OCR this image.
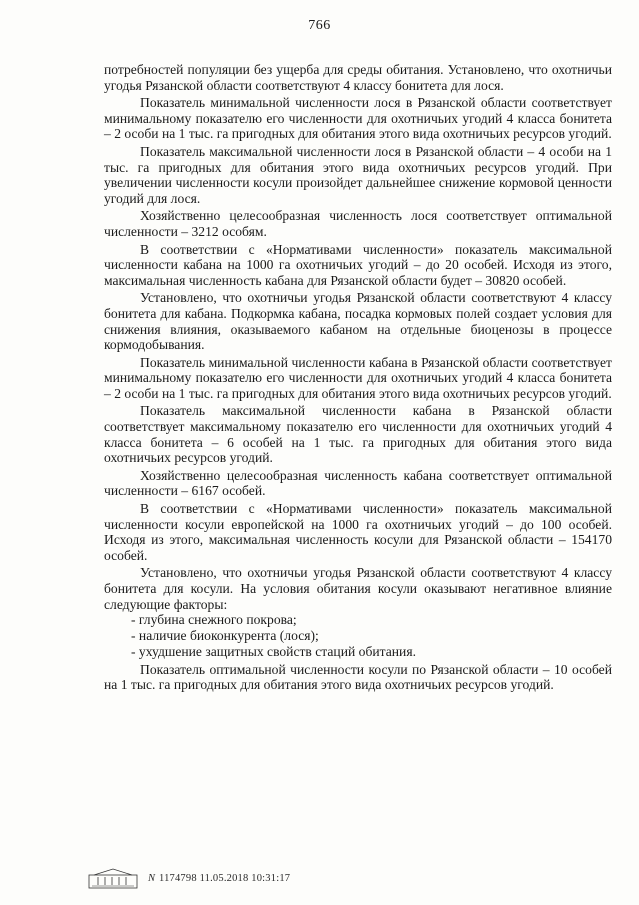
766

потребностей популяции без ущерба для среды обитания. Установлено, что охотничьи угодья Рязанской области соответствуют 4 классу бонитета для лося.

Показатель минимальной численности лося в Рязанской области соответствует минимальному показателю его численности для охотничьих угодий 4 класса бонитета – 2 особи на 1 тыс. га пригодных для обитания этого вида охотничьих ресурсов угодий.

Показатель максимальной численности лося в Рязанской области – 4 особи на 1 тыс. га пригодных для обитания этого вида охотничьих ресурсов угодий. При увеличении численности косули произойдет дальнейшее снижение кормовой ценности угодий для лося.

Хозяйственно целесообразная численность лося соответствует оптимальной численности – 3212 особям.

В соответствии с «Нормативами численности» показатель максимальной численности кабана на 1000 га охотничьих угодий – до 20 особей. Исходя из этого, максимальная численность кабана для Рязанской области будет – 30820 особей.

Установлено, что охотничьи угодья Рязанской области соответствуют 4 классу бонитета для кабана. Подкормка кабана, посадка кормовых полей создает условия для снижения влияния, оказываемого кабаном на отдельные биоценозы в процессе кормодобывания.

Показатель минимальной численности кабана в Рязанской области соответствует минимальному показателю его численности для охотничьих угодий 4 класса бонитета – 2 особи на 1 тыс. га пригодных для обитания этого вида охотничьих ресурсов угодий.

Показатель максимальной численности кабана в Рязанской области соответствует максимальному показателю его численности для охотничьих угодий 4 класса бонитета – 6 особей на 1 тыс. га пригодных для обитания этого вида охотничьих ресурсов угодий.

Хозяйственно целесообразная численность кабана соответствует оптимальной численности – 6167 особей.

В соответствии с «Нормативами численности» показатель максимальной численности косули европейской на 1000 га охотничьих угодий – до 100 особей. Исходя из этого, максимальная численность косули для Рязанской области – 154170 особей.

Установлено, что охотничьи угодья Рязанской области соответствуют 4 классу бонитета для косули. На условия обитания косули оказывают негативное влияние следующие факторы:

- глубина снежного покрова;
- наличие биоконкурента (лося);
- ухудшение защитных свойств стаций обитания.

Показатель оптимальной численности косули по Рязанской области – 10 особей на 1 тыс. га пригодных для обитания этого вида охотничьих ресурсов угодий.

N 1174798 11.05.2018 10:31:17
